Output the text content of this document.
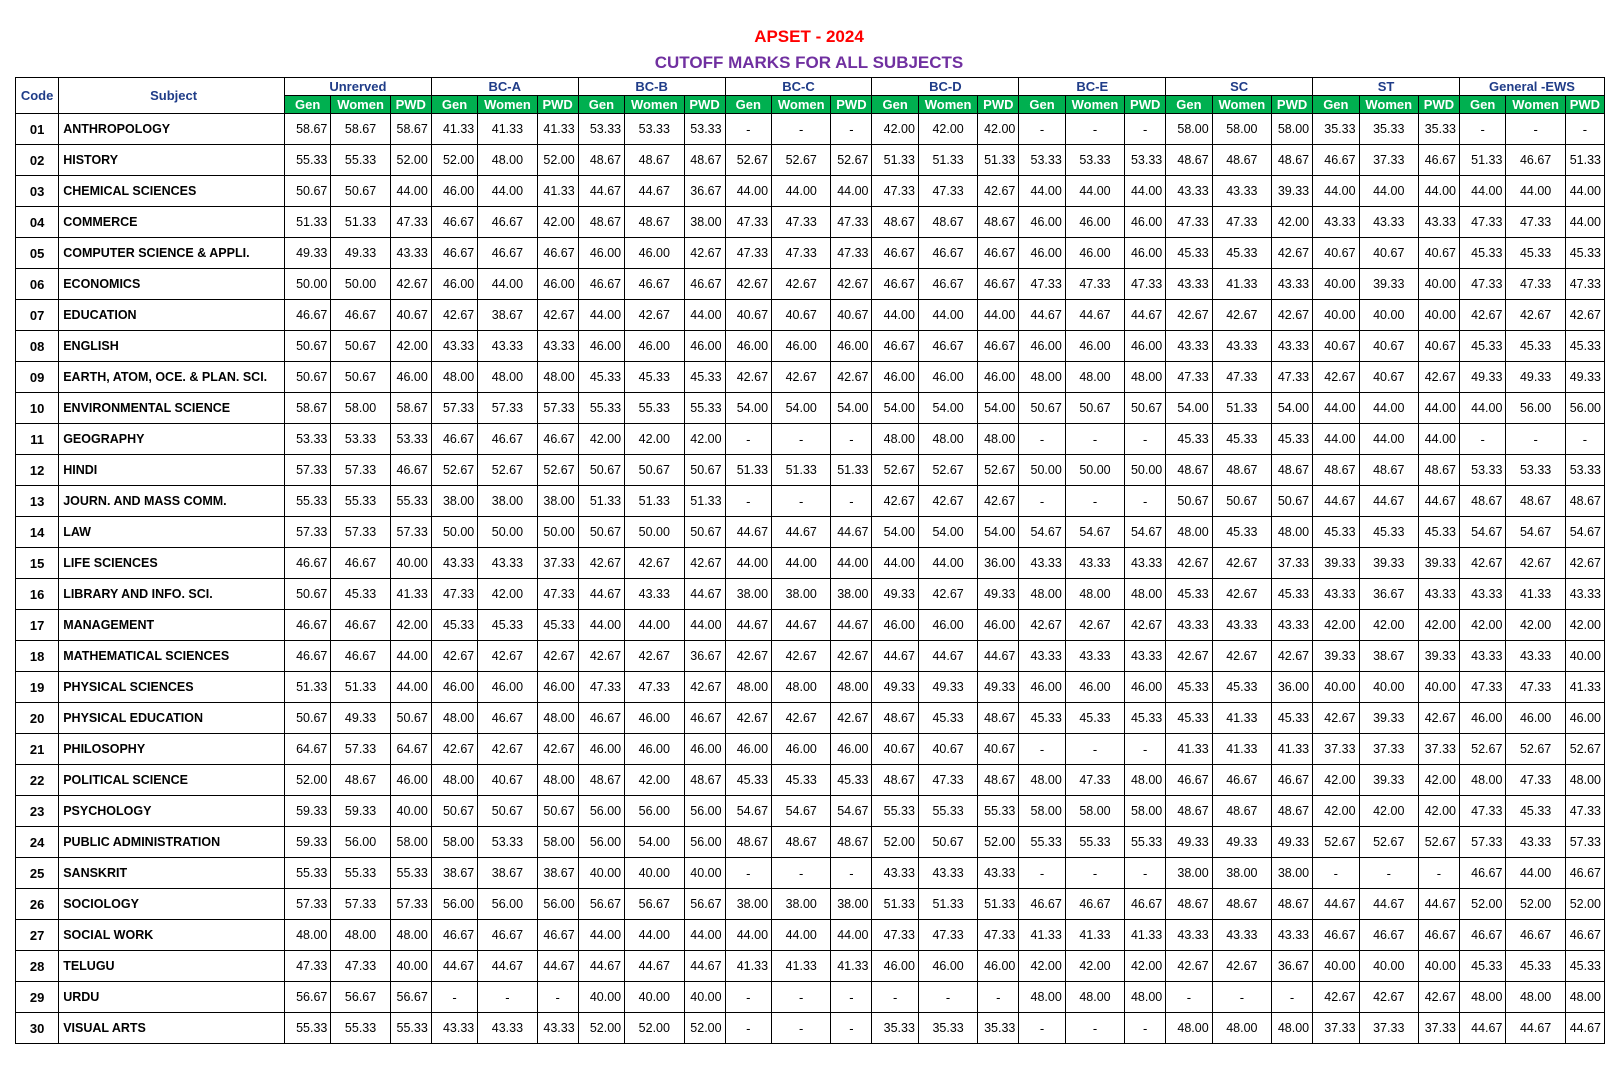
APSET - 2024
CUTOFF MARKS FOR ALL SUBJECTS
Code	Subject	Unrerved			BC-A			BC-B			BC-C			BC-D			BC-E			SC			ST			General -EWS		
		Gen	Women	PWD	Gen	Women	PWD	Gen	Women	PWD	Gen	Women	PWD	Gen	Women	PWD	Gen	Women	PWD	Gen	Women	PWD	Gen	Women	PWD	Gen	Women	PWD
01	ANTHROPOLOGY	58.67	58.67	58.67	41.33	41.33	41.33	53.33	53.33	53.33	-	-	-	42.00	42.00	42.00	-	-	-	58.00	58.00	58.00	35.33	35.33	35.33	-	-	-
02	HISTORY	55.33	55.33	52.00	52.00	48.00	52.00	48.67	48.67	48.67	52.67	52.67	52.67	51.33	51.33	51.33	53.33	53.33	53.33	48.67	48.67	48.67	46.67	37.33	46.67	51.33	46.67	51.33
03	CHEMICAL SCIENCES	50.67	50.67	44.00	46.00	44.00	41.33	44.67	44.67	36.67	44.00	44.00	44.00	47.33	47.33	42.67	44.00	44.00	44.00	43.33	43.33	39.33	44.00	44.00	44.00	44.00	44.00	44.00
04	COMMERCE	51.33	51.33	47.33	46.67	46.67	42.00	48.67	48.67	38.00	47.33	47.33	47.33	48.67	48.67	48.67	46.00	46.00	46.00	47.33	47.33	42.00	43.33	43.33	43.33	47.33	47.33	44.00
05	COMPUTER SCIENCE & APPLI.	49.33	49.33	43.33	46.67	46.67	46.67	46.00	46.00	42.67	47.33	47.33	47.33	46.67	46.67	46.67	46.00	46.00	46.00	45.33	45.33	42.67	40.67	40.67	40.67	45.33	45.33	45.33
06	ECONOMICS	50.00	50.00	42.67	46.00	44.00	46.00	46.67	46.67	46.67	42.67	42.67	42.67	46.67	46.67	46.67	47.33	47.33	47.33	43.33	41.33	43.33	40.00	39.33	40.00	47.33	47.33	47.33
07	EDUCATION	46.67	46.67	40.67	42.67	38.67	42.67	44.00	42.67	44.00	40.67	40.67	40.67	44.00	44.00	44.00	44.67	44.67	44.67	42.67	42.67	42.67	40.00	40.00	40.00	42.67	42.67	42.67
08	ENGLISH	50.67	50.67	42.00	43.33	43.33	43.33	46.00	46.00	46.00	46.00	46.00	46.00	46.67	46.67	46.67	46.00	46.00	46.00	43.33	43.33	43.33	40.67	40.67	40.67	45.33	45.33	45.33
09	EARTH, ATOM, OCE. & PLAN. SCI.	50.67	50.67	46.00	48.00	48.00	48.00	45.33	45.33	45.33	42.67	42.67	42.67	46.00	46.00	46.00	48.00	48.00	48.00	47.33	47.33	47.33	42.67	40.67	42.67	49.33	49.33	49.33
10	ENVIRONMENTAL SCIENCE	58.67	58.00	58.67	57.33	57.33	57.33	55.33	55.33	55.33	54.00	54.00	54.00	54.00	54.00	54.00	50.67	50.67	50.67	54.00	51.33	54.00	44.00	44.00	44.00	44.00	56.00	56.00
11	GEOGRAPHY	53.33	53.33	53.33	46.67	46.67	46.67	42.00	42.00	42.00	-	-	-	48.00	48.00	48.00	-	-	-	45.33	45.33	45.33	44.00	44.00	44.00	-	-	-
12	HINDI	57.33	57.33	46.67	52.67	52.67	52.67	50.67	50.67	50.67	51.33	51.33	51.33	52.67	52.67	52.67	50.00	50.00	50.00	48.67	48.67	48.67	48.67	48.67	48.67	53.33	53.33	53.33
13	JOURN. AND MASS COMM.	55.33	55.33	55.33	38.00	38.00	38.00	51.33	51.33	51.33	-	-	-	42.67	42.67	42.67	-	-	-	50.67	50.67	50.67	44.67	44.67	44.67	48.67	48.67	48.67
14	LAW	57.33	57.33	57.33	50.00	50.00	50.00	50.67	50.00	50.67	44.67	44.67	44.67	54.00	54.00	54.00	54.67	54.67	54.67	48.00	45.33	48.00	45.33	45.33	45.33	54.67	54.67	54.67
15	LIFE SCIENCES	46.67	46.67	40.00	43.33	43.33	37.33	42.67	42.67	42.67	44.00	44.00	44.00	44.00	44.00	36.00	43.33	43.33	43.33	42.67	42.67	37.33	39.33	39.33	39.33	42.67	42.67	42.67
16	LIBRARY AND INFO. SCI.	50.67	45.33	41.33	47.33	42.00	47.33	44.67	43.33	44.67	38.00	38.00	38.00	49.33	42.67	49.33	48.00	48.00	48.00	45.33	42.67	45.33	43.33	36.67	43.33	43.33	41.33	43.33
17	MANAGEMENT	46.67	46.67	42.00	45.33	45.33	45.33	44.00	44.00	44.00	44.67	44.67	44.67	46.00	46.00	46.00	42.67	42.67	42.67	43.33	43.33	43.33	42.00	42.00	42.00	42.00	42.00	42.00
18	MATHEMATICAL SCIENCES	46.67	46.67	44.00	42.67	42.67	42.67	42.67	42.67	36.67	42.67	42.67	42.67	44.67	44.67	44.67	43.33	43.33	43.33	42.67	42.67	42.67	39.33	38.67	39.33	43.33	43.33	40.00
19	PHYSICAL SCIENCES	51.33	51.33	44.00	46.00	46.00	46.00	47.33	47.33	42.67	48.00	48.00	48.00	49.33	49.33	49.33	46.00	46.00	46.00	45.33	45.33	36.00	40.00	40.00	40.00	47.33	47.33	41.33
20	PHYSICAL EDUCATION	50.67	49.33	50.67	48.00	46.67	48.00	46.67	46.00	46.67	42.67	42.67	42.67	48.67	45.33	48.67	45.33	45.33	45.33	45.33	41.33	45.33	42.67	39.33	42.67	46.00	46.00	46.00
21	PHILOSOPHY	64.67	57.33	64.67	42.67	42.67	42.67	46.00	46.00	46.00	46.00	46.00	46.00	40.67	40.67	40.67	-	-	-	41.33	41.33	41.33	37.33	37.33	37.33	52.67	52.67	52.67
22	POLITICAL SCIENCE	52.00	48.67	46.00	48.00	40.67	48.00	48.67	42.00	48.67	45.33	45.33	45.33	48.67	47.33	48.67	48.00	47.33	48.00	46.67	46.67	46.67	42.00	39.33	42.00	48.00	47.33	48.00
23	PSYCHOLOGY	59.33	59.33	40.00	50.67	50.67	50.67	56.00	56.00	56.00	54.67	54.67	54.67	55.33	55.33	55.33	58.00	58.00	58.00	48.67	48.67	48.67	42.00	42.00	42.00	47.33	45.33	47.33
24	PUBLIC ADMINISTRATION	59.33	56.00	58.00	58.00	53.33	58.00	56.00	54.00	56.00	48.67	48.67	48.67	52.00	50.67	52.00	55.33	55.33	55.33	49.33	49.33	49.33	52.67	52.67	52.67	57.33	43.33	57.33
25	SANSKRIT	55.33	55.33	55.33	38.67	38.67	38.67	40.00	40.00	40.00	-	-	-	43.33	43.33	43.33	-	-	-	38.00	38.00	38.00	-	-	-	46.67	44.00	46.67
26	SOCIOLOGY	57.33	57.33	57.33	56.00	56.00	56.00	56.67	56.67	56.67	38.00	38.00	38.00	51.33	51.33	51.33	46.67	46.67	46.67	48.67	48.67	48.67	44.67	44.67	44.67	52.00	52.00	52.00
27	SOCIAL WORK	48.00	48.00	48.00	46.67	46.67	46.67	44.00	44.00	44.00	44.00	44.00	44.00	47.33	47.33	47.33	41.33	41.33	41.33	43.33	43.33	43.33	46.67	46.67	46.67	46.67	46.67	46.67
28	TELUGU	47.33	47.33	40.00	44.67	44.67	44.67	44.67	44.67	44.67	41.33	41.33	41.33	46.00	46.00	46.00	42.00	42.00	42.00	42.67	42.67	36.67	40.00	40.00	40.00	45.33	45.33	45.33
29	URDU	56.67	56.67	56.67	-	-	-	40.00	40.00	40.00	-	-	-	-	-	-	48.00	48.00	48.00	-	-	-	42.67	42.67	42.67	48.00	48.00	48.00
30	VISUAL ARTS	55.33	55.33	55.33	43.33	43.33	43.33	52.00	52.00	52.00	-	-	-	35.33	35.33	35.33	-	-	-	48.00	48.00	48.00	37.33	37.33	37.33	44.67	44.67	44.67
